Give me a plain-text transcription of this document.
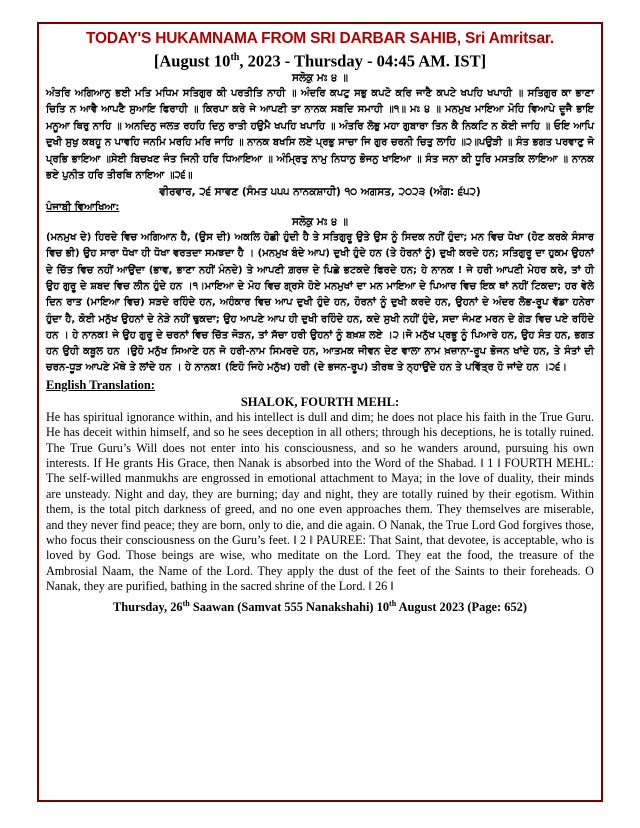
TODAY'S HUKAMNAMA FROM SRI DARBAR SAHIB, Sri Amritsar.
[August 10th, 2023 - Thursday - 04:45 AM. IST]
ਸਲੋਕੁ ਮਃ ੪ ॥

ਅੰਤਰਿ ਅਗਿਆਨੁ ਭਈ ਮਤਿ ਮਧਿਮ ਸਤਿਗੁਰ ਕੀ ਪਰਤੀਤਿ ਨਾਹੀ ॥ ਅੰਦਰਿ ਕਪਟੁ ਸਭੁ ਕਪਟੋ ਕਰਿ ਜਾਣੈ ਕਪਟੇ ਖਪਹਿ ਖਪਾਹੀ ॥ ਸਤਿਗੁਰ ਕਾ ਭਾਣਾ ਚਿਤਿ ਨ ਆਵੈ ਆਪਣੈ ਸੁਆਇ ਫਿਰਾਹੀ ॥ ਕਿਰਪਾ ਕਰੇ ਜੇ ਆਪਣੀ ਤਾ ਨਾਨਕ ਸਬਦਿ ਸਮਾਹੀ ॥੧॥ ਮਃ ੪ ॥ ਮਨਮੁਖ ਮਾਇਆ ਮੋਹਿ ਵਿਆਪੇ ਦੂਜੈ ਭਾਇ ਮਨੂਆ ਥਿਰੁ ਨਾਹਿ ॥ ਅਨਦਿਨੁ ਜਲਤ ਰਹਹਿ ਦਿਨੁ ਰਾਤੀ ਹਉਮੈ ਖਪਹਿ ਖਪਾਹਿ ॥ ਅੰਤਰਿ ਲੋਭੁ ਮਹਾ ਗੁਬਾਰਾ ਤਿਨ ਕੈ ਨਿਕਟਿ ਨ ਕੋਈ ਜਾਹਿ ॥ ਓਇ ਆਪਿ ਦੁਖੀ ਸੁਖੁ ਕਬਹੂ ਨ ਪਾਵਹਿ ਜਨਮਿ ਮਰਹਿ ਮਰਿ ਜਾਹਿ ॥ ਨਾਨਕ ਬਖਸਿ ਲਏ ਪ੍ਰਭੁ ਸਾਚਾ ਜਿ ਗੁਰ ਚਰਨੀ ਚਿਤੁ ਲਾਹਿ ॥੨॥ਪਉੜੀ ॥ ਸੰਤ ਭਗਤ ਪਰਵਾਣੁ ਜੋ ਪ੍ਰਭਿ ਭਾਇਆ ॥ਸੇਈ ਬਿਚਖਣ ਜੰਤ ਜਿਨੀ ਹਰਿ ਧਿਆਇਆ ॥ ਅੰਮ੍ਰਿਤੁ ਨਾਮੁ ਨਿਧਾਨੁ ਭੋਜਨੁ ਖਾਇਆ ॥ ਸੰਤ ਜਨਾ ਕੀ ਧੂਰਿ ਮਸਤਕਿ ਲਾਇਆ ॥ ਨਾਨਕ ਭਏ ਪੁਨੀਤ ਹਰਿ ਤੀਰਥਿ ਨਾਇਆ ॥੨੬॥

ਵੀਰਵਾਰ, ੨੬ ਸਾਵਣ (ਸੰਮਤ ੫੫੫ ਨਾਨਕਸ਼ਾਹੀ) ੧੦ ਅਗਸਤ, ੨੦੨੩ (ਅੰਗ: ੬੫੨)
ਪੰਜਾਬੀ ਵਿਆਖਿਆ:
ਸਲੋਕੁ ਮਃ ੪ ॥

(ਮਨਮੁਖ ਦੇ) ਹਿਰਦੇ ਵਿਚ ਅਗਿਆਨ ਹੈ, (ਉਸ ਦੀ) ਅਕਲਿ ਹੋਛੀ ਹੁੰਦੀ ਹੈ ਤੇ ਸਤਿਗੁਰੂ ਉਤੇ ਉਸ ਨੂੰ ਸਿਦਕ ਨਹੀਂ ਹੁੰਦਾ; ਮਨ ਵਿਚ ਧੋਖਾ (ਹੋਣ ਕਰਕੇ ਸੰਸਾਰ ਵਿਚ ਭੀ) ਉਹ ਸਾਰਾ ਧੋਖਾ ਹੀ ਧੋਖਾ ਵਰਤਦਾ ਸਮਝਦਾ ਹੈ । (ਮਨਮੁਖ ਬੰਦੇ ਆਪ) ਦੁਖੀ ਹੁੰਦੇ ਹਨ (ਤੇ ਹੋਰਨਾਂ ਨੂੰ) ਦੁਖੀ ਕਰਦੇ ਹਨ; ਸਤਿਗੁਰੂ ਦਾ ਹੁਕਮ ਉਹਨਾਂ ਦੇ ਚਿੱਤ ਵਿਚ ਨਹੀਂ ਆਉਂਦਾ (ਭਾਵ, ਭਾਣਾ ਨਹੀਂ ਮੰਨਦੇ) ਤੇ ਆਪਣੀ ਗ਼ਰਜ਼ ਦੇ ਪਿਛੇ ਭਟਕਦੇ ਫਿਰਦੇ ਹਨ; ਹੇ ਨਾਨਕ ! ਜੇ ਹਰੀ ਆਪਣੀ ਮੇਹਰ ਕਰੇ, ਤਾਂ ਹੀ ਉਹ ਗੁਰੂ ਦੇ ਸ਼ਬਦ ਵਿਚ ਲੀਨ ਹੁੰਦੇ ਹਨ ।੧।ਮਾਇਆ ਦੇ ਮੋਹ ਵਿਚ ਗ੍ਰਸੇ ਹੋਏ ਮਨਮੁਖਾਂ ਦਾ ਮਨ ਮਾਇਆ ਦੇ ਪਿਆਰ ਵਿਚ ਇਕ ਥਾਂ ਨਹੀਂ ਟਿਕਦਾ; ਹਰ ਵੇਲੇ ਦਿਨ ਰਾਤ (ਮਾਇਆ ਵਿਚ) ਸੜਦੇ ਰਹਿੰਦੇ ਹਨ, ਅਹੰਕਾਰ ਵਿਚ ਆਪ ਦੁਖੀ ਹੁੰਦੇ ਹਨ, ਹੋਰਨਾਂ ਨੂੰ ਦੁਖੀ ਕਰਦੇ ਹਨ, ਉਹਨਾਂ ਦੇ ਅੰਦਰ ਲੋਭ-ਰੂਪ ਵੱਡਾ ਹਨੇਰਾ ਹੁੰਦਾ ਹੈ, ਕੋਈ ਮਨੁੱਖ ਉਹਨਾਂ ਦੇ ਨੇੜੇ ਨਹੀਂ ਢੁਕਦਾ; ਉਹ ਆਪਣੇ ਆਪ ਹੀ ਦੁਖੀ ਰਹਿੰਦੇ ਹਨ, ਕਦੇ ਸੁਖੀ ਨਹੀਂ ਹੁੰਦੇ, ਸਦਾ ਜੰਮਣ ਮਰਨ ਦੇ ਗੇੜ ਵਿਚ ਪਏ ਰਹਿੰਦੇ ਹਨ । ਹੇ ਨਾਨਕ! ਜੇ ਉਹ ਗੁਰੂ ਦੇ ਚਰਨਾਂ ਵਿਚ ਚਿੱਤ ਜੋੜਨ, ਤਾਂ ਸੱਚਾ ਹਰੀ ਉਹਨਾਂ ਨੂੰ ਬਖ਼ਸ਼ ਲਏ ।੨।ਜੋ ਮਨੁੱਖ ਪ੍ਰਭੂ ਨੂੰ ਪਿਆਰੇ ਹਨ, ਉਹ ਸੰਤ ਹਨ, ਭਗਤ ਹਨ ਉਹੀ ਕਬੂਲ ਹਨ ।ਉਹੋ ਮਨੁੱਖ ਸਿਆਣੇ ਹਨ ਜੋ ਹਰੀ-ਨਾਮ ਸਿਮਰਦੇ ਹਨ, ਆਤਮਕ ਜੀਵਨ ਦੇਣ ਵਾਲਾ ਨਾਮ ਖ਼ਜ਼ਾਨਾ-ਰੂਪ ਭੋਜਨ ਖਾਂਦੇ ਹਨ, ਤੇ ਸੰਤਾਂ ਦੀ ਚਰਨ-ਧੂੜ ਆਪਣੇ ਮੱਥੇ ਤੇ ਲਾਂਦੇ ਹਨ । ਹੇ ਨਾਨਕ! (ਇਹੋ ਜਿਹੇ ਮਨੁੱਖ) ਹਰੀ (ਦੇ ਭਜਨ-ਰੂਪ) ਤੀਰਥ ਤੇ ਨ੍ਹਾਉਂਦੇ ਹਨ ਤੇ ਪਵਿੱਤ੍ਰ ਹੋ ਜਾਂਦੇ ਹਨ ।੨੬।

English Translation:
SHALOK, FOURTH MEHL:

He has spiritual ignorance within, and his intellect is dull and dim; he does not place his faith in the True Guru. He has deceit within himself, and so he sees deception in all others; through his deceptions, he is totally ruined. The True Guru’s Will does not enter into his consciousness, and so he wanders around, pursuing his own interests. If He grants His Grace, then Nanak is absorbed into the Word of the Shabad. ‖ 1 ‖ FOURTH MEHL: The self-willed manmukhs are engrossed in emotional attachment to Maya; in the love of duality, their minds are unsteady. Night and day, they are burning; day and night, they are totally ruined by their egotism. Within them, is the total pitch darkness of greed, and no one even approaches them. They themselves are miserable, and they never find peace; they are born, only to die, and die again. O Nanak, the True Lord God forgives those, who focus their consciousness on the Guru’s feet. ‖ 2 ‖ PAUREE: That Saint, that devotee, is acceptable, who is loved by God. Those beings are wise, who meditate on the Lord. They eat the food, the treasure of the Ambrosial Naam, the Name of the Lord. They apply the dust of the feet of the Saints to their foreheads. O Nanak, they are purified, bathing in the sacred shrine of the Lord. ‖ 26 ‖

Thursday, 26th Saawan (Samvat 555 Nanakshahi) 10th August 2023 (Page: 652)
